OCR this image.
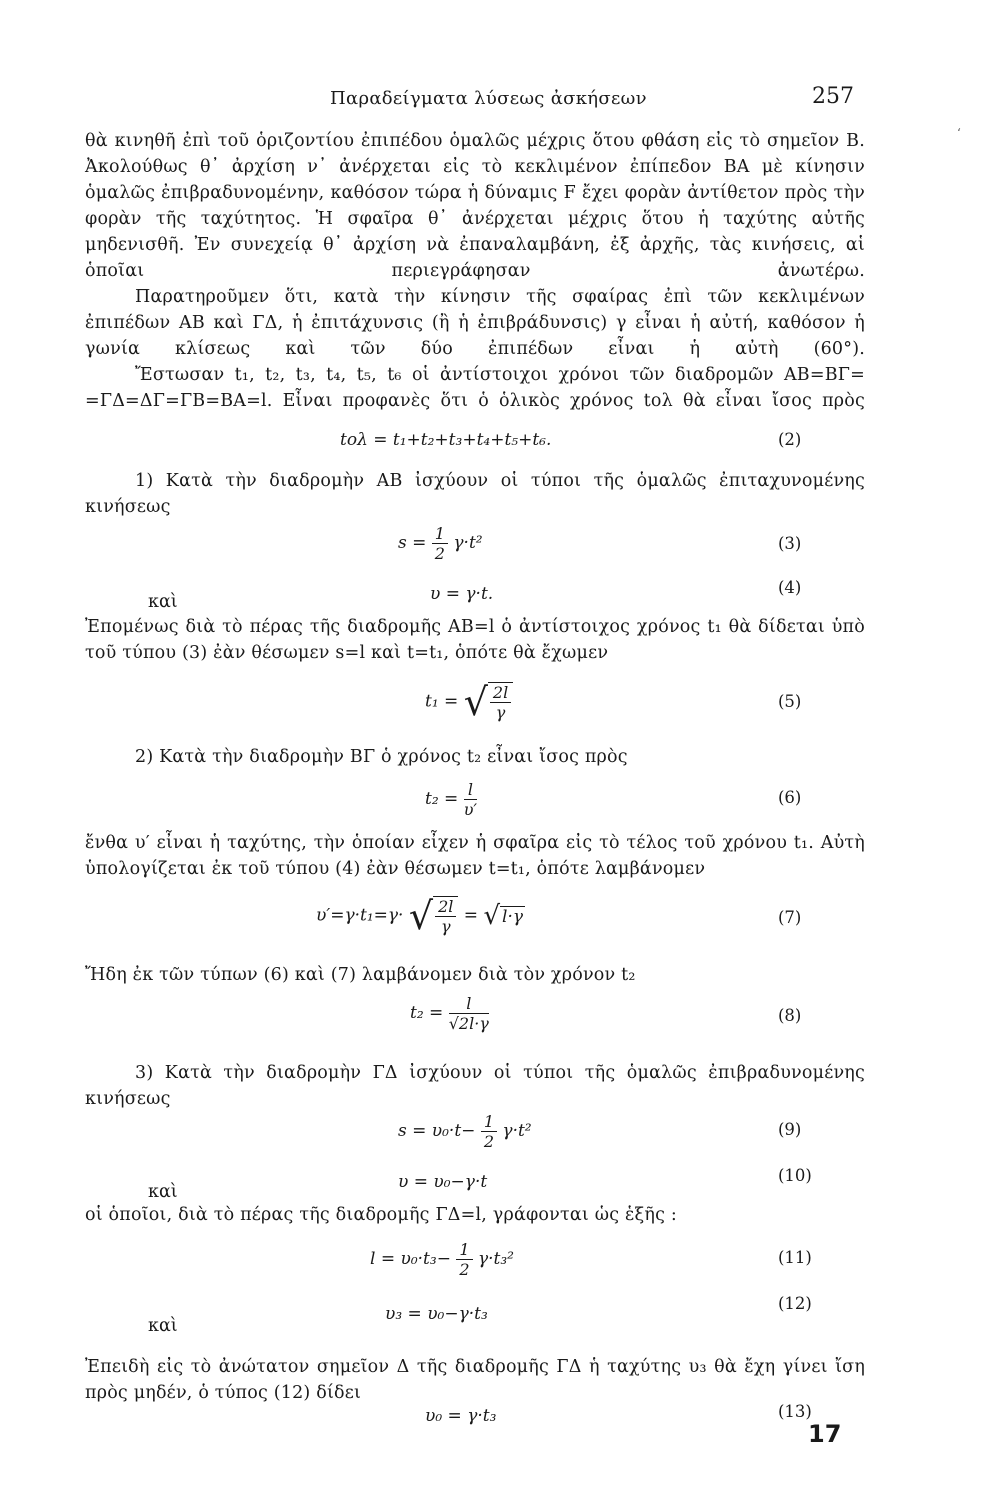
Παραδείγματα λύσεως ἀσκήσεων	257
ʻ

θὰ κινηθῆ ἐπὶ τοῦ ὁριζοντίου ἐπιπέδου ὁμαλῶς μέχρις ὅτου φθάση εἰς τὸ σημεῖον Β. Ἀκολούθως θ᾽ ἀρχίση ν᾽ ἀνέρχεται εἰς τὸ κεκλιμένον ἐπίπεδον ΒΑ μὲ κίνησιν ὁμαλῶς ἐπιβραδυνομένην, καθόσον τώρα ἡ δύναμις F ἔχει φορὰν ἀντίθετον πρὸς τὴν φορὰν τῆς ταχύτητος. Ἡ σφαῖρα θ᾽ ἀνέρχεται μέχρις ὅτου ἡ ταχύτης αὐτῆς μηδενισθῆ. Ἐν συνεχείᾳ θ᾽ ἀρχίση νὰ ἐπαναλαμβάνη, ἐξ ἀρχῆς, τὰς κινήσεις, αἱ ὁποῖαι περιεγράφησαν ἀνωτέρω.

Παρατηροῦμεν ὅτι, κατὰ τὴν κίνησιν τῆς σφαίρας ἐπὶ τῶν κεκλιμένων ἐπιπέδων ΑΒ καὶ ΓΔ, ἡ ἐπιτάχυνσις (ἢ ἡ ἐπιβράδυνσις) γ εἶναι ἡ αὐτή, καθόσον ἡ γωνία κλίσεως καὶ τῶν δύο ἐπιπέδων εἶναι ἡ αὐτὴ (60°).

Ἔστωσαν t₁, t₂, t₃, t₄, t₅, t₆ οἱ ἀντίστοιχοι χρόνοι τῶν διαδρομῶν ΑΒ=ΒΓ= =ΓΔ=ΔΓ=ΓΒ=ΒΑ=l. Εἶναι προφανὲς ὅτι ὁ ὁλικὸς χρόνος tολ θὰ εἶναι ἴσος πρὸς

tολ = t₁+t₂+t₃+t₄+t₅+t₆.	(2)

1) Κατὰ τὴν διαδρομὴν ΑΒ ἰσχύουν οἱ τύποι τῆς ὁμαλῶς ἐπιταχυνομένης κινήσεως

$s = \frac{1}{2} \gamma\cdot t^2$	(3)
καὶ	υ = γ·t.	(4)

Ἐπομένως διὰ τὸ πέρας τῆς διαδρομῆς ΑΒ=l ὁ ἀντίστοιχος χρόνος t₁ θὰ δίδεται ὑπὸ τοῦ τύπου (3) ἐὰν θέσωμεν s=l καὶ t=t₁, ὁπότε θὰ ἔχωμεν

t₁ = √ $\frac{2l}{\gamma}$	(5)

2) Κατὰ τὴν διαδρομὴν ΒΓ ὁ χρόνος t₂ εἶναι ἴσος πρὸς

$t_2 = \frac{l}{\upsilon'}$	(6)

ἔνθα υ′ εἶναι ἡ ταχύτης, τὴν ὁποίαν εἶχεν ἡ σφαῖρα εἰς τὸ τέλος τοῦ χρόνου t₁. Αὐτὴ ὑπολογίζεται ἐκ τοῦ τύπου (4) ἐὰν θέσωμεν t=t₁, ὁπότε λαμβάνομεν

υ′=γ·t₁=γ· √ $\frac{2l}{\gamma}$ = √ l·γ	(7)

Ἤδη ἐκ τῶν τύπων (6) καὶ (7) λαμβάνομεν διὰ τὸν χρόνον t₂

$t_2 = \frac{l}{√2l\cdot\gamma}$	(8)

3) Κατὰ τὴν διαδρομὴν ΓΔ ἰσχύουν οἱ τύποι τῆς ὁμαλῶς ἐπιβραδυνομένης κινήσεως

$s = \upsilon_0\cdot t- \frac{1}{2} \gamma\cdot t^2$	(9)
καὶ	υ = υ₀−γ·t	(10)

οἱ ὁποῖοι, διὰ τὸ πέρας τῆς διαδρομῆς ΓΔ=l, γράφονται ὡς ἑξῆς :

$l = \upsilon_0\cdot t_3- \frac{1}{2} \gamma\cdot t_3^2$	(11)
καὶ
υ₃ = υ₀−γ·t₃
(12)

Ἐπειδὴ εἰς τὸ ἀνώτατον σημεῖον Δ τῆς διαδρομῆς ΓΔ ἡ ταχύτης υ₃ θὰ ἔχη γίνει ἴση πρὸς μηδέν, ὁ τύπος (12) δίδει

υ₀ = γ·t₃	(13)
17
